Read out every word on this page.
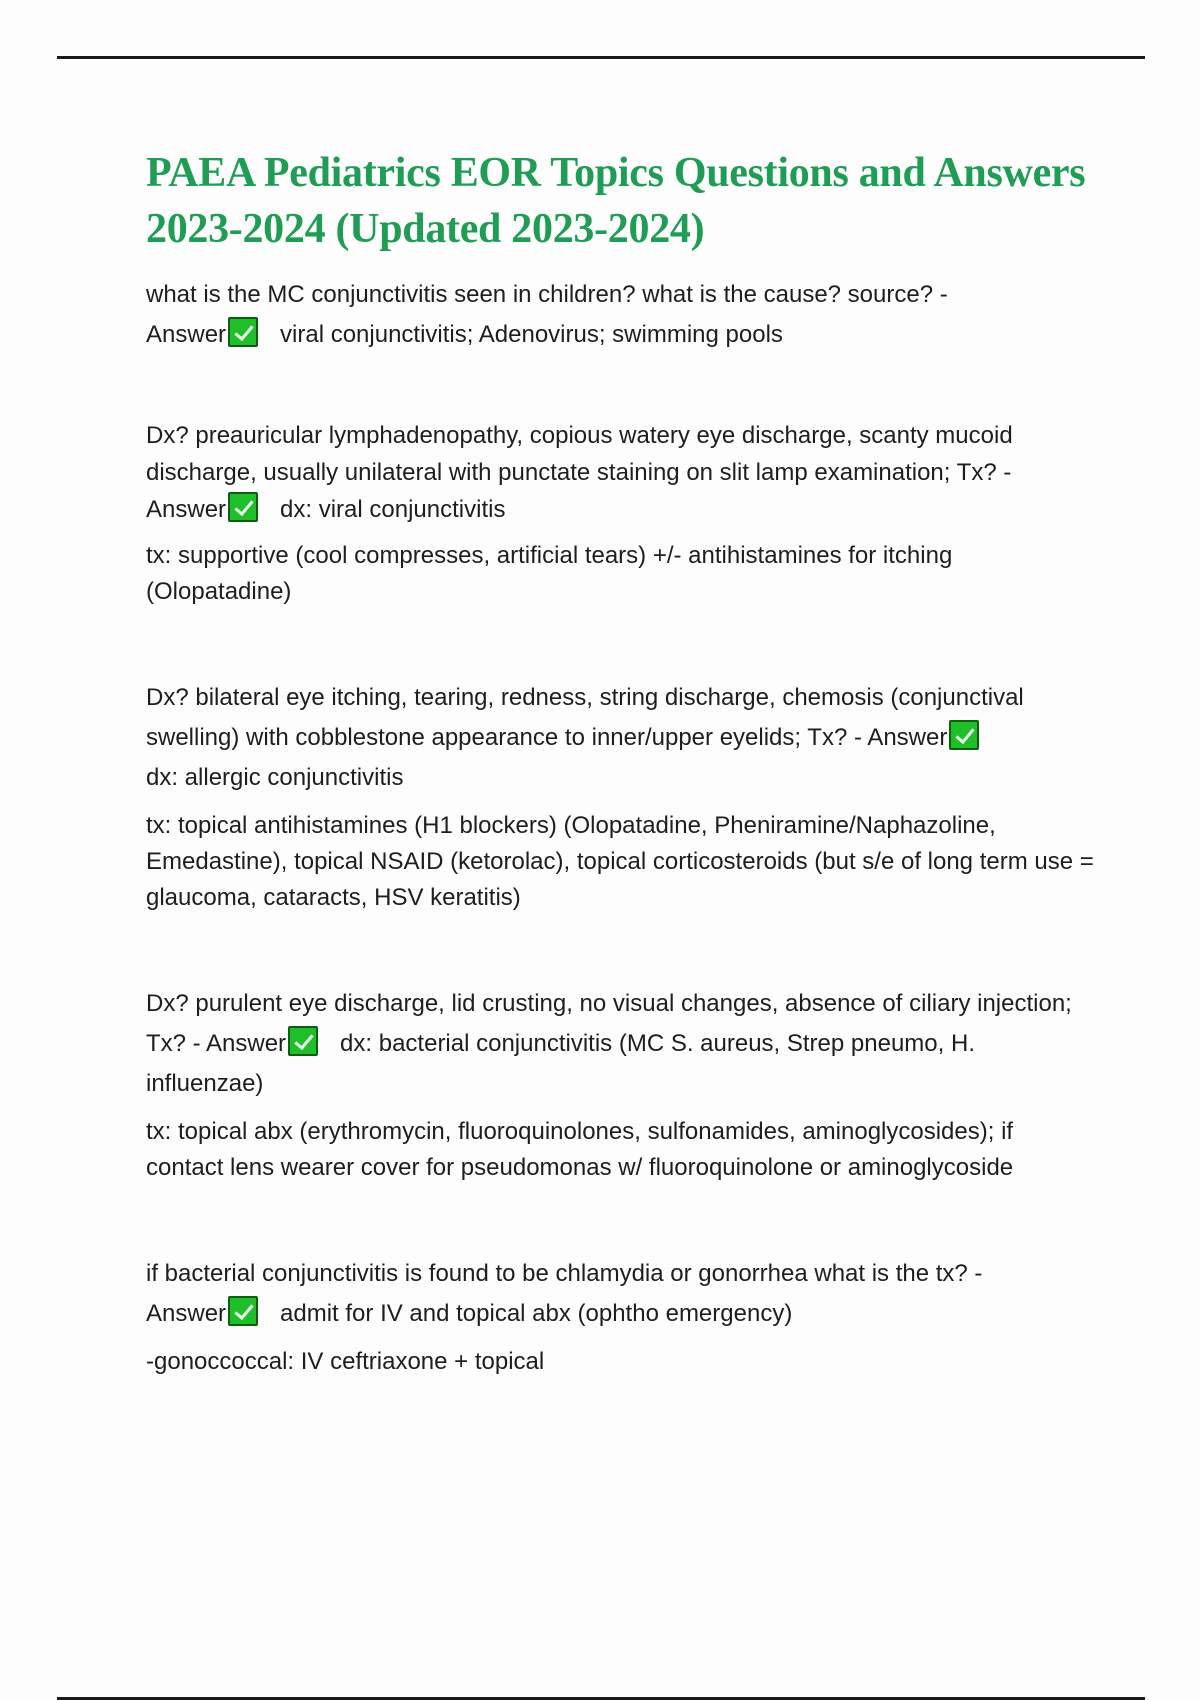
PAEA Pediatrics EOR Topics Questions and Answers 2023-2024 (Updated 2023-2024)

what is the MC conjunctivitis seen in children? what is the cause? source? -
Answer viral conjunctivitis; Adenovirus; swimming pools

Dx? preauricular lymphadenopathy, copious watery eye discharge, scanty mucoid discharge, usually unilateral with punctate staining on slit lamp examination; Tx? - Answer dx: viral conjunctivitis

tx: supportive (cool compresses, artificial tears) +/- antihistamines for itching (Olopatadine)

Dx? bilateral eye itching, tearing, redness, string discharge, chemosis (conjunctival swelling) with cobblestone appearance to inner/upper eyelids; Tx? - Answer
dx: allergic conjunctivitis

tx: topical antihistamines (H1 blockers) (Olopatadine, Pheniramine/Naphazoline, Emedastine), topical NSAID (ketorolac), topical corticosteroids (but s/e of long term use = glaucoma, cataracts, HSV keratitis)

Dx? purulent eye discharge, lid crusting, no visual changes, absence of ciliary injection; Tx? - Answer dx: bacterial conjunctivitis (MC S. aureus, Strep pneumo, H. influenzae)

tx: topical abx (erythromycin, fluoroquinolones, sulfonamides, aminoglycosides); if contact lens wearer cover for pseudomonas w/ fluoroquinolone or aminoglycoside

if bacterial conjunctivitis is found to be chlamydia or gonorrhea what is the tx? -
Answer admit for IV and topical abx (ophtho emergency)

-gonoccoccal: IV ceftriaxone + topical
